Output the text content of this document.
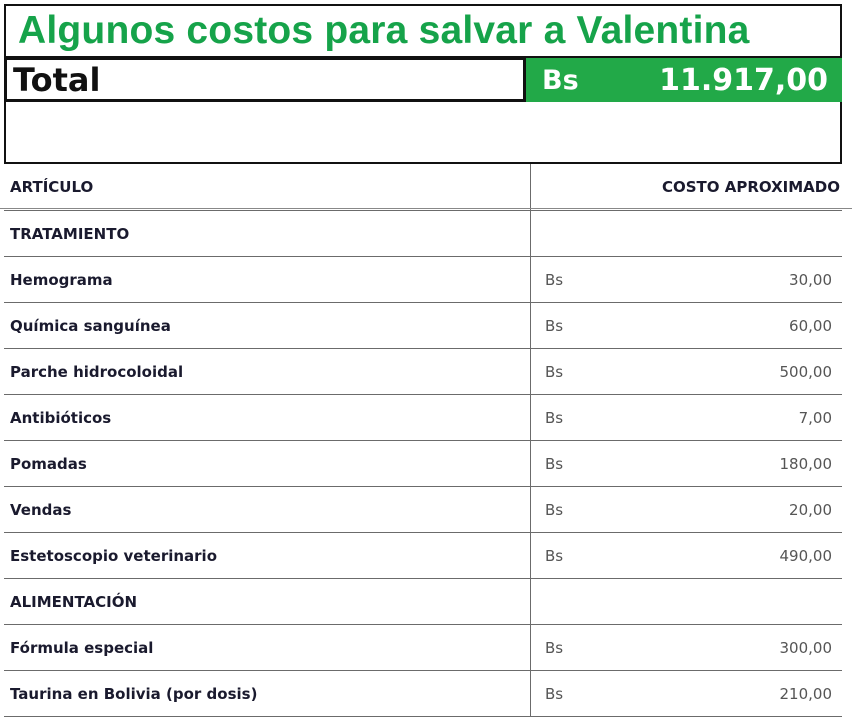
Algunos costos para salvar a Valentina
Total	Bs	11.917,00
ARTÍCULO		COSTO APROXIMADO
TRATAMIENTO		
Hemograma	Bs	30,00
Química sanguínea	Bs	60,00
Parche hidrocoloidal	Bs	500,00
Antibióticos	Bs	7,00
Pomadas	Bs	180,00
Vendas	Bs	20,00
Estetoscopio veterinario	Bs	490,00
ALIMENTACIÓN		
Fórmula especial	Bs	300,00
Taurina en Bolivia (por dosis)	Bs	210,00
